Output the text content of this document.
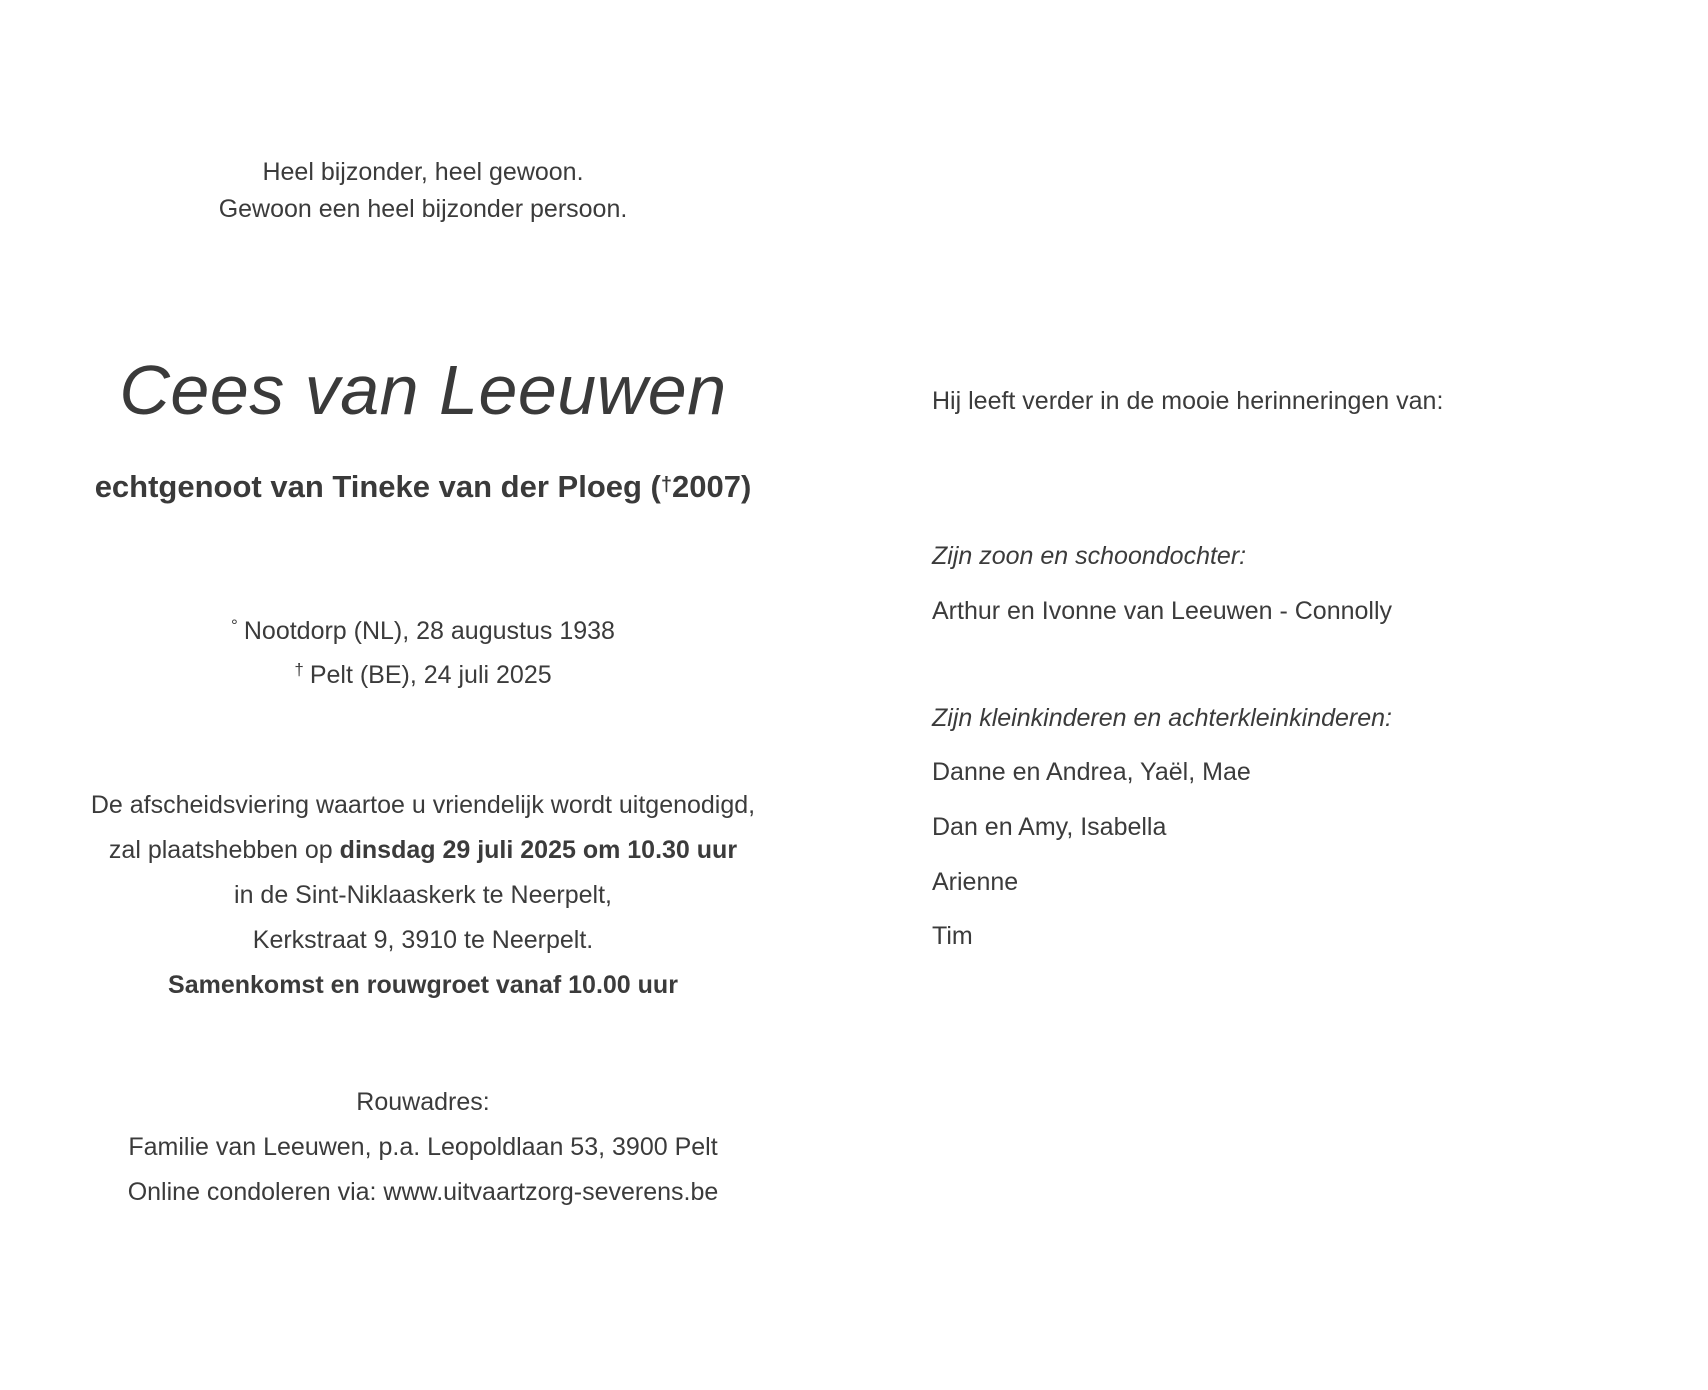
Heel bijzonder, heel gewoon.
Gewoon een heel bijzonder persoon.
Cees van Leeuwen
echtgenoot van Tineke van der Ploeg (†2007)
° Nootdorp (NL), 28 augustus 1938
† Pelt (BE), 24 juli 2025
De afscheidsviering waartoe u vriendelijk wordt uitgenodigd,
zal plaatshebben op dinsdag 29 juli 2025 om 10.30 uur
in de Sint-Niklaaskerk te Neerpelt,
Kerkstraat 9, 3910 te Neerpelt.
Samenkomst en rouwgroet vanaf 10.00 uur
Rouwadres:
Familie van Leeuwen, p.a. Leopoldlaan 53, 3900 Pelt
Online condoleren via: www.uitvaartzorg-severens.be
Hij leeft verder in de mooie herinneringen van:
Zijn zoon en schoondochter:
Arthur en Ivonne van Leeuwen - Connolly
Zijn kleinkinderen en achterkleinkinderen:
Danne en Andrea, Yaël, Mae
Dan en Amy, Isabella
Arienne
Tim
